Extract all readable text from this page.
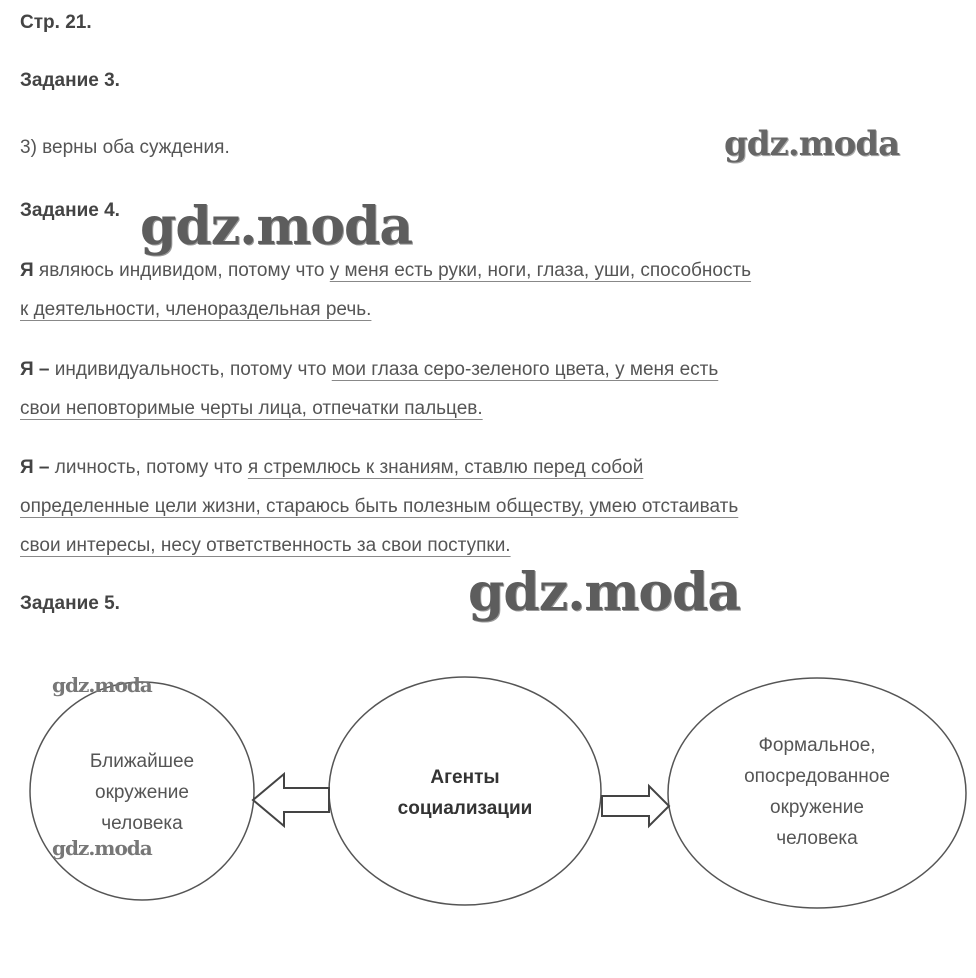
Стр. 21.
Задание 3.
3) верны оба суждения.
Задание 4.
Я являюсь индивидом, потому что у меня есть руки, ноги, глаза, уши, способность
к деятельности, членораздельная речь.
Я – индивидуальность, потому что мои глаза серо-зеленого цвета, у меня есть
свои неповторимые черты лица, отпечатки пальцев.
Я – личность, потому что я стремлюсь к знаниям, ставлю перед собой
определенные цели жизни, стараюсь быть полезным обществу, умею отстаивать
свои интересы, несу ответственность за свои поступки.
Задание 5.
Ближайшее
окружение
человека
Агенты
социализации
Формальное,
опосредованное
окружение
человека
gdz.moda
gdz.moda
gdz.moda
gdz.moda
gdz.moda
